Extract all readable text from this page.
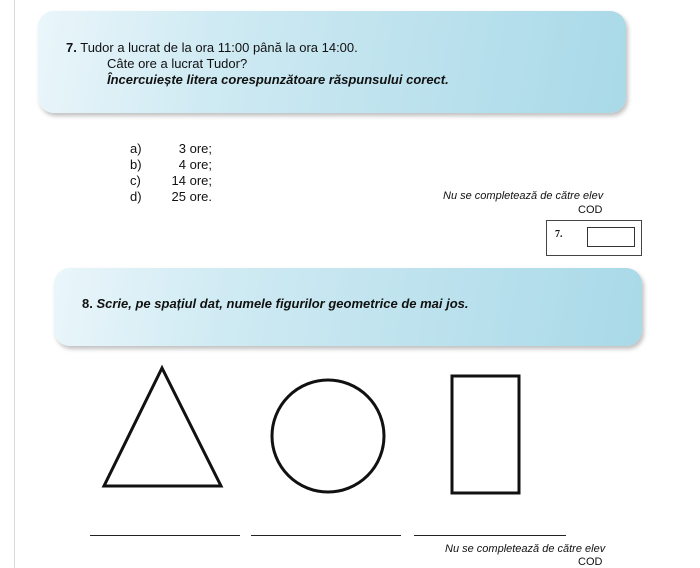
7. Tudor a lucrat de la ora 11:00 până la ora 14:00.
Câte ore a lucrat Tudor?
Încercuiește litera corespunzătoare răspunsului corect.
a)	3 ore;
b)	4 ore;
c) 14 ore;
d) 25 ore.	Nu se completează de către elev
COD
7.
8. Scrie, pe spațiul dat, numele figurilor geometrice de mai jos.
Nu se completează de către elev
COD
